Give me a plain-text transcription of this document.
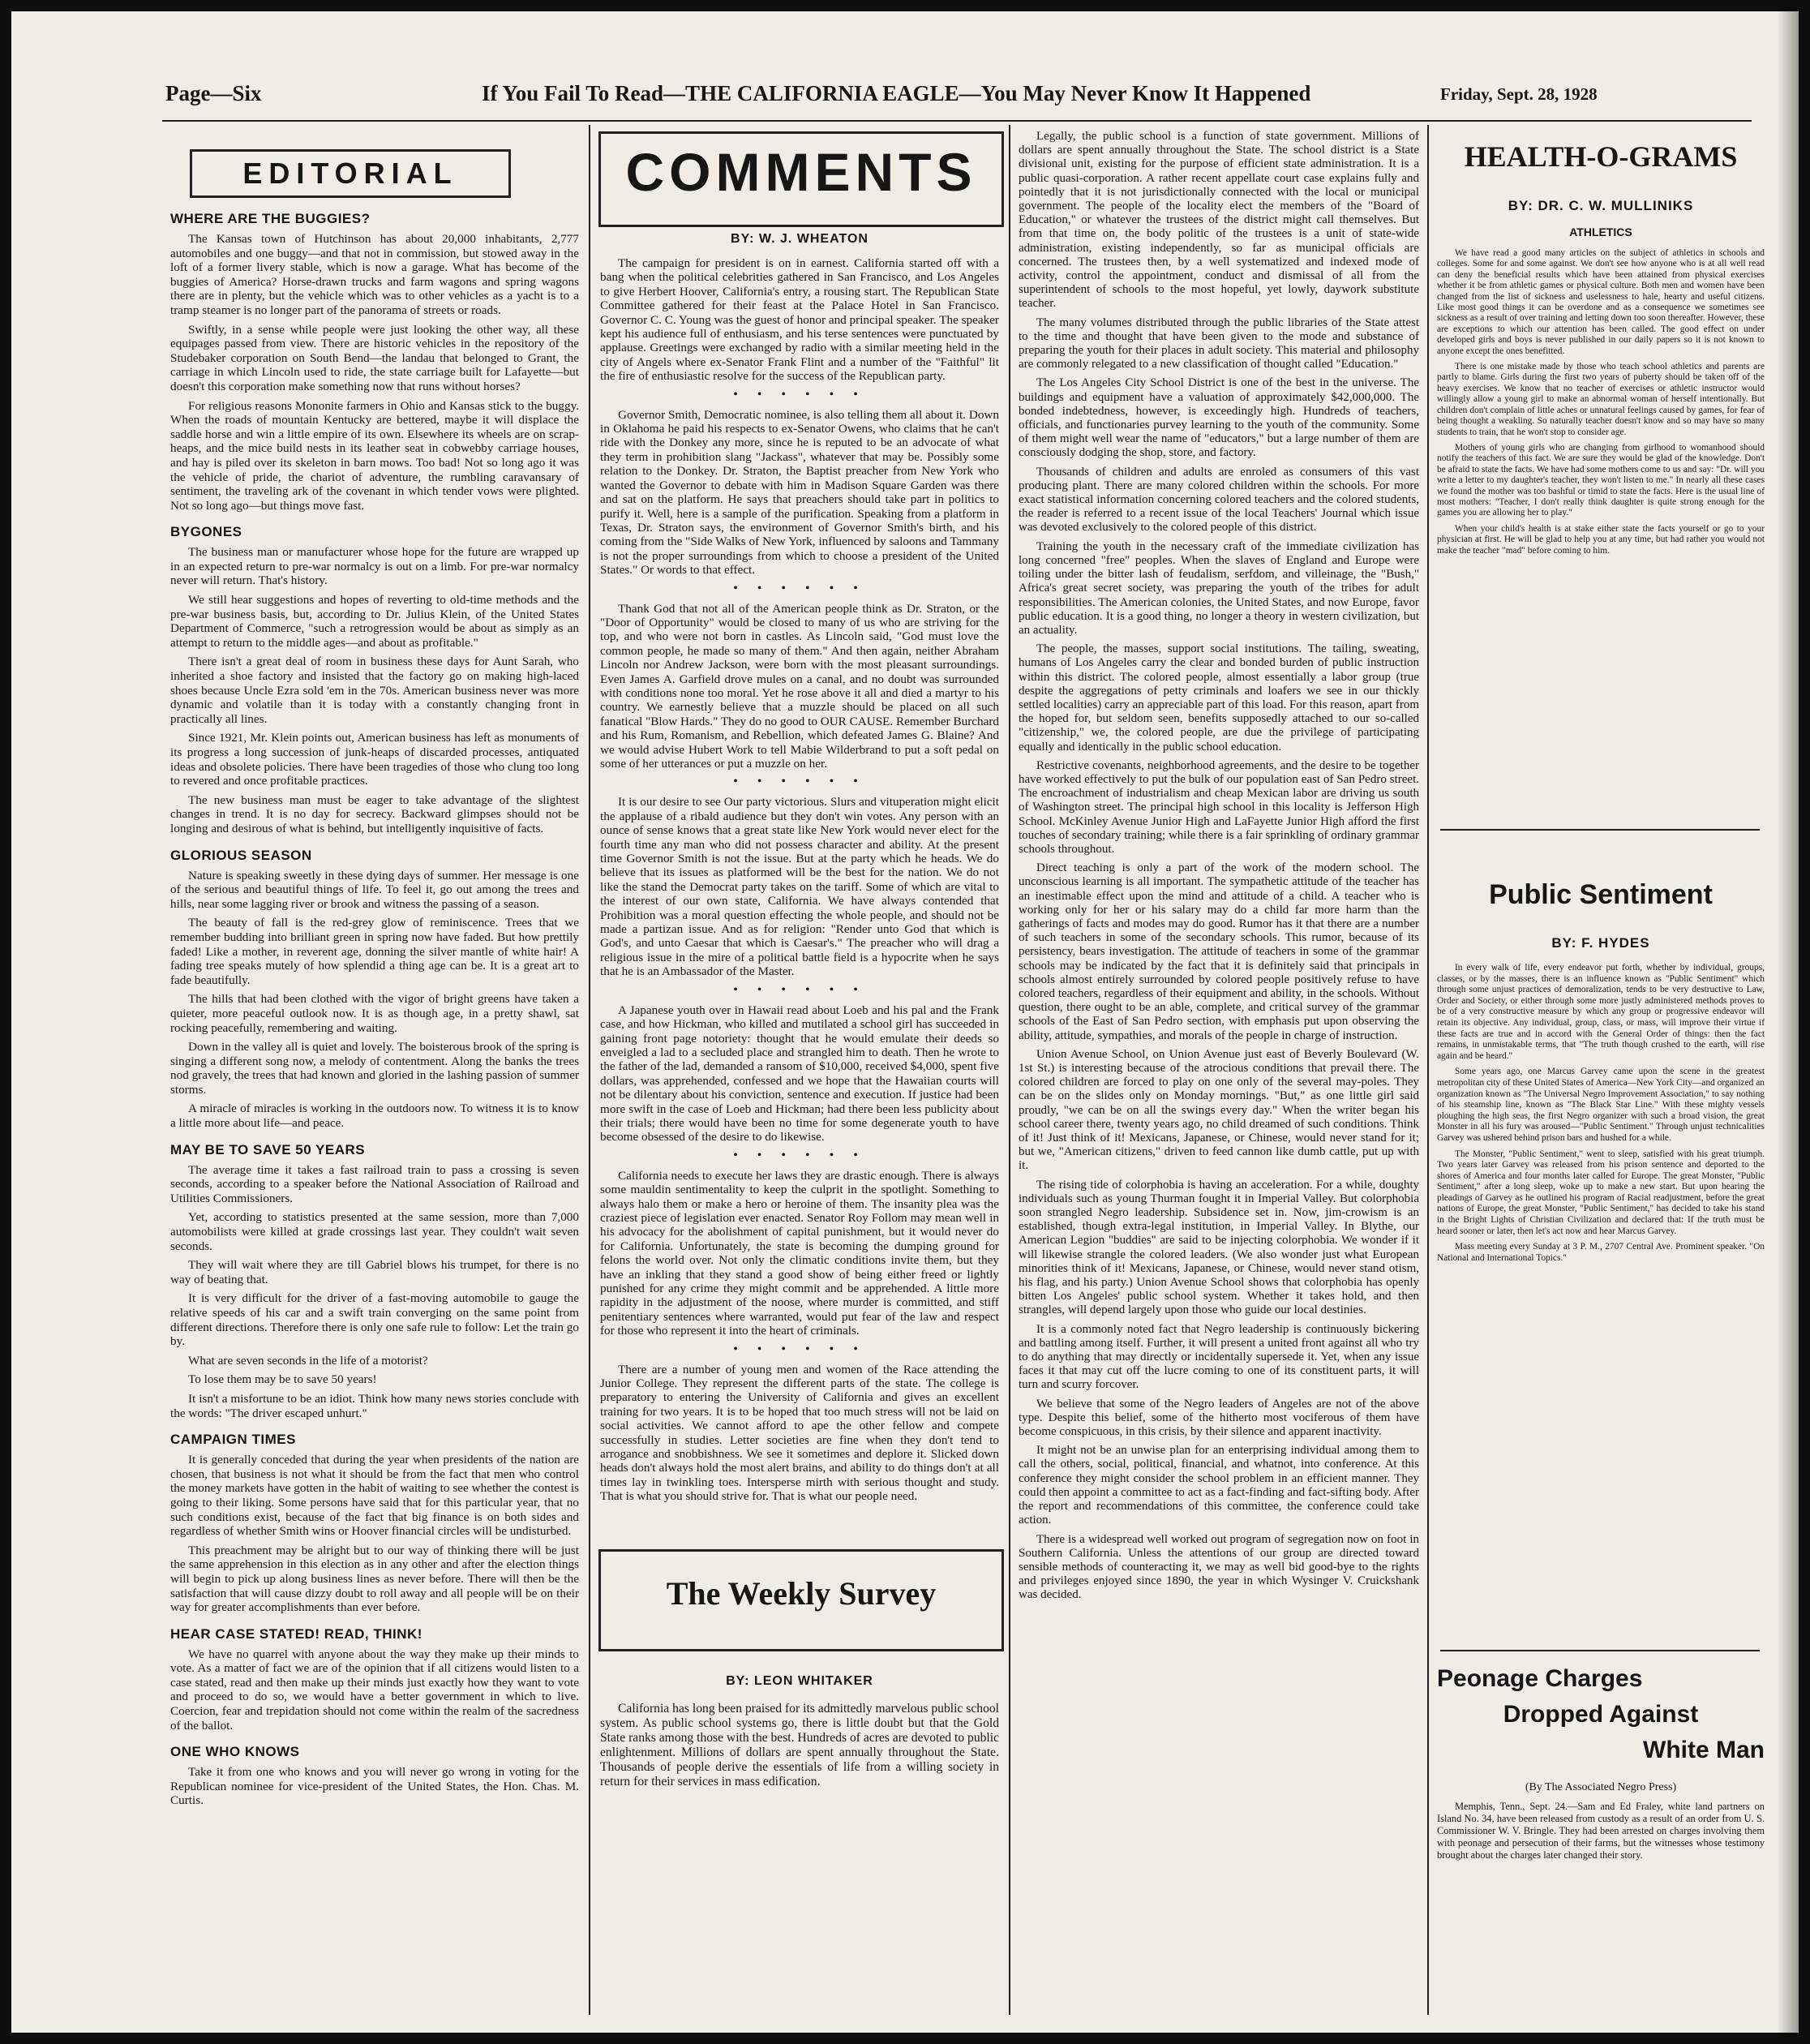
Page—Six	If You Fail To Read—THE CALIFORNIA EAGLE—You May Never Know It Happened	Friday, Sept. 28, 1928
EDITORIAL
WHERE ARE THE BUGGIES?

The Kansas town of Hutchinson has about 20,000 inhabitants, 2,777 automobiles and one buggy—and that not in commission, but stowed away in the loft of a former livery stable, which is now a garage. What has become of the buggies of America? Horse-drawn trucks and farm wagons and spring wagons there are in plenty, but the vehicle which was to other vehicles as a yacht is to a tramp steamer is no longer part of the panorama of streets or roads.

Swiftly, in a sense while people were just looking the other way, all these equipages passed from view. There are historic vehicles in the repository of the Studebaker corporation on South Bend—the landau that belonged to Grant, the carriage in which Lincoln used to ride, the state carriage built for Lafayette—but doesn't this corporation make something now that runs without horses?

For religious reasons Mononite farmers in Ohio and Kansas stick to the buggy. When the roads of mountain Kentucky are bettered, maybe it will displace the saddle horse and win a little empire of its own. Elsewhere its wheels are on scrap-heaps, and the mice build nests in its leather seat in cobwebby carriage houses, and hay is piled over its skeleton in barn mows. Too bad! Not so long ago it was the vehicle of pride, the chariot of adventure, the rumbling caravansary of sentiment, the traveling ark of the covenant in which tender vows were plighted. Not so long ago—but things move fast.

BYGONES

The business man or manufacturer whose hope for the future are wrapped up in an expected return to pre-war normalcy is out on a limb. For pre-war normalcy never will return. That's history.

We still hear suggestions and hopes of reverting to old-time methods and the pre-war business basis, but, according to Dr. Julius Klein, of the United States Department of Commerce, "such a retrogression would be about as simply as an attempt to return to the middle ages—and about as profitable."

There isn't a great deal of room in business these days for Aunt Sarah, who inherited a shoe factory and insisted that the factory go on making high-laced shoes because Uncle Ezra sold 'em in the 70s. American business never was more dynamic and volatile than it is today with a constantly changing front in practically all lines.

Since 1921, Mr. Klein points out, American business has left as monuments of its progress a long succession of junk-heaps of discarded processes, antiquated ideas and obsolete policies. There have been tragedies of those who clung too long to revered and once profitable practices.

The new business man must be eager to take advantage of the slightest changes in trend. It is no day for secrecy. Backward glimpses should not be longing and desirous of what is behind, but intelligently inquisitive of facts.

GLORIOUS SEASON

Nature is speaking sweetly in these dying days of summer. Her message is one of the serious and beautiful things of life. To feel it, go out among the trees and hills, near some lagging river or brook and witness the passing of a season.

The beauty of fall is the red-grey glow of reminiscence. Trees that we remember budding into brilliant green in spring now have faded. But how prettily faded! Like a mother, in reverent age, donning the silver mantle of white hair! A fading tree speaks mutely of how splendid a thing age can be. It is a great art to fade beautifully.

The hills that had been clothed with the vigor of bright greens have taken a quieter, more peaceful outlook now. It is as though age, in a pretty shawl, sat rocking peacefully, remembering and waiting.

Down in the valley all is quiet and lovely. The boisterous brook of the spring is singing a different song now, a melody of contentment. Along the banks the trees nod gravely, the trees that had known and gloried in the lashing passion of summer storms.

A miracle of miracles is working in the outdoors now. To witness it is to know a little more about life—and peace.

MAY BE TO SAVE 50 YEARS

The average time it takes a fast railroad train to pass a crossing is seven seconds, according to a speaker before the National Association of Railroad and Utilities Commissioners.

Yet, according to statistics presented at the same session, more than 7,000 automobilists were killed at grade crossings last year. They couldn't wait seven seconds.

They will wait where they are till Gabriel blows his trumpet, for there is no way of beating that.

It is very difficult for the driver of a fast-moving automobile to gauge the relative speeds of his car and a swift train converging on the same point from different directions. Therefore there is only one safe rule to follow: Let the train go by.

What are seven seconds in the life of a motorist?

To lose them may be to save 50 years!

It isn't a misfortune to be an idiot. Think how many news stories conclude with the words: "The driver escaped unhurt."

CAMPAIGN TIMES

It is generally conceded that during the year when presidents of the nation are chosen, that business is not what it should be from the fact that men who control the money markets have gotten in the habit of waiting to see whether the contest is going to their liking. Some persons have said that for this particular year, that no such conditions exist, because of the fact that big finance is on both sides and regardless of whether Smith wins or Hoover financial circles will be undisturbed.

This preachment may be alright but to our way of thinking there will be just the same apprehension in this election as in any other and after the election things will begin to pick up along business lines as never before. There will then be the satisfaction that will cause dizzy doubt to roll away and all people will be on their way for greater accomplishments than ever before.

HEAR CASE STATED! READ, THINK!

We have no quarrel with anyone about the way they make up their minds to vote. As a matter of fact we are of the opinion that if all citizens would listen to a case stated, read and then make up their minds just exactly how they want to vote and proceed to do so, we would have a better government in which to live. Coercion, fear and trepidation should not come within the realm of the sacredness of the ballot.

ONE WHO KNOWS

Take it from one who knows and you will never go wrong in voting for the Republican nominee for vice-president of the United States, the Hon. Chas. M. Curtis.

COMMENTS
BY: W. J. WHEATON

The campaign for president is on in earnest. California started off with a bang when the political celebrities gathered in San Francisco, and Los Angeles to give Herbert Hoover, California's entry, a rousing start. The Republican State Committee gathered for their feast at the Palace Hotel in San Francisco. Governor C. C. Young was the guest of honor and principal speaker. The speaker kept his audience full of enthusiasm, and his terse sentences were punctuated by applause. Greetings were exchanged by radio with a similar meeting held in the city of Angels where ex-Senator Frank Flint and a number of the "Faithful" lit the fire of enthusiastic resolve for the success of the Republican party.

• • • • • •

Governor Smith, Democratic nominee, is also telling them all about it. Down in Oklahoma he paid his respects to ex-Senator Owens, who claims that he can't ride with the Donkey any more, since he is reputed to be an advocate of what they term in prohibition slang "Jackass", whatever that may be. Possibly some relation to the Donkey. Dr. Straton, the Baptist preacher from New York who wanted the Governor to debate with him in Madison Square Garden was there and sat on the platform. He says that preachers should take part in politics to purify it. Well, here is a sample of the purification. Speaking from a platform in Texas, Dr. Straton says, the environment of Governor Smith's birth, and his coming from the "Side Walks of New York, influenced by saloons and Tammany is not the proper surroundings from which to choose a president of the United States." Or words to that effect.

• • • • • •

Thank God that not all of the American people think as Dr. Straton, or the "Door of Opportunity" would be closed to many of us who are striving for the top, and who were not born in castles. As Lincoln said, "God must love the common people, he made so many of them." And then again, neither Abraham Lincoln nor Andrew Jackson, were born with the most pleasant surroundings. Even James A. Garfield drove mules on a canal, and no doubt was surrounded with conditions none too moral. Yet he rose above it all and died a martyr to his country. We earnestly believe that a muzzle should be placed on all such fanatical "Blow Hards." They do no good to OUR CAUSE. Remember Burchard and his Rum, Romanism, and Rebellion, which defeated James G. Blaine? And we would advise Hubert Work to tell Mabie Wilderbrand to put a soft pedal on some of her utterances or put a muzzle on her.

• • • • • •

It is our desire to see Our party victorious. Slurs and vituperation might elicit the applause of a ribald audience but they don't win votes. Any person with an ounce of sense knows that a great state like New York would never elect for the fourth time any man who did not possess character and ability. At the present time Governor Smith is not the issue. But at the party which he heads. We do believe that its issues as platformed will be the best for the nation. We do not like the stand the Democrat party takes on the tariff. Some of which are vital to the interest of our own state, California. We have always contended that Prohibition was a moral question effecting the whole people, and should not be made a partizan issue. And as for religion: "Render unto God that which is God's, and unto Caesar that which is Caesar's." The preacher who will drag a religious issue in the mire of a political battle field is a hypocrite when he says that he is an Ambassador of the Master.

• • • • • •

A Japanese youth over in Hawaii read about Loeb and his pal and the Frank case, and how Hickman, who killed and mutilated a school girl has succeeded in gaining front page notoriety: thought that he would emulate their deeds so enveigled a lad to a secluded place and strangled him to death. Then he wrote to the father of the lad, demanded a ransom of $10,000, received $4,000, spent five dollars, was apprehended, confessed and we hope that the Hawaiian courts will not be dilentary about his conviction, sentence and execution. If justice had been more swift in the case of Loeb and Hickman; had there been less publicity about their trials; there would have been no time for some degenerate youth to have become obsessed of the desire to do likewise.

• • • • • •

California needs to execute her laws they are drastic enough. There is always some mauldin sentimentality to keep the culprit in the spotlight. Something to always halo them or make a hero or heroine of them. The insanity plea was the craziest piece of legislation ever enacted. Senator Roy Follom may mean well in his advocacy for the abolishment of capital punishment, but it would never do for California. Unfortunately, the state is becoming the dumping ground for felons the world over. Not only the climatic conditions invite them, but they have an inkling that they stand a good show of being either freed or lightly punished for any crime they might commit and be apprehended. A little more rapidity in the adjustment of the noose, where murder is committed, and stiff penitentiary sentences where warranted, would put fear of the law and respect for those who represent it into the heart of criminals.

• • • • • •

There are a number of young men and women of the Race attending the Junior College. They represent the different parts of the state. The college is preparatory to entering the University of California and gives an excellent training for two years. It is to be hoped that too much stress will not be laid on social activities. We cannot afford to ape the other fellow and compete successfully in studies. Letter societies are fine when they don't tend to arrogance and snobbishness. We see it sometimes and deplore it. Slicked down heads don't always hold the most alert brains, and ability to do things don't at all times lay in twinkling toes. Intersperse mirth with serious thought and study. That is what you should strive for. That is what our people need.

The Weekly Survey
BY: LEON WHITAKER

California has long been praised for its admittedly marvelous public school system. As public school systems go, there is little doubt but that the Gold State ranks among those with the best. Hundreds of acres are devoted to public enlightenment. Millions of dollars are spent annually throughout the State. Thousands of people derive the essentials of life from a willing society in return for their services in mass edification.

Legally, the public school is a function of state government. Millions of dollars are spent annually throughout the State. The school district is a State divisional unit, existing for the purpose of efficient state administration. It is a public quasi-corporation. A rather recent appellate court case explains fully and pointedly that it is not jurisdictionally connected with the local or municipal government. The people of the locality elect the members of the "Board of Education," or whatever the trustees of the district might call themselves. But from that time on, the body politic of the trustees is a unit of state-wide administration, existing independently, so far as municipal officials are concerned. The trustees then, by a well systematized and indexed mode of activity, control the appointment, conduct and dismissal of all from the superintendent of schools to the most hopeful, yet lowly, daywork substitute teacher.

The many volumes distributed through the public libraries of the State attest to the time and thought that have been given to the mode and substance of preparing the youth for their places in adult society. This material and philosophy are commonly relegated to a new classification of thought called "Education."

The Los Angeles City School District is one of the best in the universe. The buildings and equipment have a valuation of approximately $42,000,000. The bonded indebtedness, however, is exceedingly high. Hundreds of teachers, officials, and functionaries purvey learning to the youth of the community. Some of them might well wear the name of "educators," but a large number of them are consciously dodging the shop, store, and factory.

Thousands of children and adults are enroled as consumers of this vast producing plant. There are many colored children within the schools. For more exact statistical information concerning colored teachers and the colored students, the reader is referred to a recent issue of the local Teachers' Journal which issue was devoted exclusively to the colored people of this district.

Training the youth in the necessary craft of the immediate civilization has long concerned "free" peoples. When the slaves of England and Europe were toiling under the bitter lash of feudalism, serfdom, and villeinage, the "Bush," Africa's great secret society, was preparing the youth of the tribes for adult responsibilities. The American colonies, the United States, and now Europe, favor public education. It is a good thing, no longer a theory in western civilization, but an actuality.

The people, the masses, support social institutions. The tailing, sweating, humans of Los Angeles carry the clear and bonded burden of public instruction within this district. The colored people, almost essentially a labor group (true despite the aggregations of petty criminals and loafers we see in our thickly settled localities) carry an appreciable part of this load. For this reason, apart from the hoped for, but seldom seen, benefits supposedly attached to our so-called "citizenship," we, the colored people, are due the privilege of participating equally and identically in the public school education.

Restrictive covenants, neighborhood agreements, and the desire to be together have worked effectively to put the bulk of our population east of San Pedro street. The encroachment of industrialism and cheap Mexican labor are driving us south of Washington street. The principal high school in this locality is Jefferson High School. McKinley Avenue Junior High and LaFayette Junior High afford the first touches of secondary training; while there is a fair sprinkling of ordinary grammar schools throughout.

Direct teaching is only a part of the work of the modern school. The unconscious learning is all important. The sympathetic attitude of the teacher has an inestimable effect upon the mind and attitude of a child. A teacher who is working only for her or his salary may do a child far more harm than the gatherings of facts and modes may do good. Rumor has it that there are a number of such teachers in some of the secondary schools. This rumor, because of its persistency, bears investigation. The attitude of teachers in some of the grammar schools may be indicated by the fact that it is definitely said that principals in schools almost entirely surrounded by colored people positively refuse to have colored teachers, regardless of their equipment and ability, in the schools. Without question, there ought to be an able, complete, and critical survey of the grammar schools of the East of San Pedro section, with emphasis put upon observing the ability, attitude, sympathies, and morals of the people in charge of instruction.

Union Avenue School, on Union Avenue just east of Beverly Boulevard (W. 1st St.) is interesting because of the atrocious conditions that prevail there. The colored children are forced to play on one only of the several may-poles. They can be on the slides only on Monday mornings. "But," as one little girl said proudly, "we can be on all the swings every day." When the writer began his school career there, twenty years ago, no child dreamed of such conditions. Think of it! Just think of it! Mexicans, Japanese, or Chinese, would never stand for it; but we, "American citizens," driven to feed cannon like dumb cattle, put up with it.

The rising tide of colorphobia is having an acceleration. For a while, doughty individuals such as young Thurman fought it in Imperial Valley. But colorphobia soon strangled Negro leadership. Subsidence set in. Now, jim-crowism is an established, though extra-legal institution, in Imperial Valley. In Blythe, our American Legion "buddies" are said to be injecting colorphobia. We wonder if it will likewise strangle the colored leaders. (We also wonder just what European minorities think of it! Mexicans, Japanese, or Chinese, would never stand otism, his flag, and his party.) Union Avenue School shows that colorphobia has openly bitten Los Angeles' public school system. Whether it takes hold, and then strangles, will depend largely upon those who guide our local destinies.

It is a commonly noted fact that Negro leadership is continuously bickering and battling among itself. Further, it will present a united front against all who try to do anything that may directly or incidentally supersede it. Yet, when any issue faces it that may cut off the lucre coming to one of its constituent parts, it will turn and scurry forcover.

We believe that some of the Negro leaders of Angeles are not of the above type. Despite this belief, some of the hitherto most vociferous of them have become conspicuous, in this crisis, by their silence and apparent inactivity.

It might not be an unwise plan for an enterprising individual among them to call the others, social, political, financial, and whatnot, into conference. At this conference they might consider the school problem in an efficient manner. They could then appoint a committee to act as a fact-finding and fact-sifting body. After the report and recommendations of this committee, the conference could take action.

There is a widespread well worked out program of segregation now on foot in Southern California. Unless the attentions of our group are directed toward sensible methods of counteracting it, we may as well bid good-bye to the rights and privileges enjoyed since 1890, the year in which Wysinger V. Cruickshank was decided.

HEALTH-O-GRAMS
BY: DR. C. W. MULLINIKS
ATHLETICS

We have read a good many articles on the subject of athletics in schools and colleges. Some for and some against. We don't see how anyone who is at all well read can deny the beneficial results which have been attained from physical exercises whether it be from athletic games or physical culture. Both men and women have been changed from the list of sickness and uselessness to hale, hearty and useful citizens. Like most good things it can be overdone and as a consequence we sometimes see sickness as a result of over training and letting down too soon thereafter. However, these are exceptions to which our attention has been called. The good effect on under developed girls and boys is never published in our daily papers so it is not known to anyone except the ones benefitted.

There is one mistake made by those who teach school athletics and parents are partly to blame. Girls during the first two years of puberty should be taken off of the heavy exercises. We know that no teacher of exercises or athletic instructor would willingly allow a young girl to make an abnormal woman of herself intentionally. But children don't complain of little aches or unnatural feelings caused by games, for fear of being thought a weakling. So naturally teacher doesn't know and so may have so many students to train, that he won't stop to consider age.

Mothers of young girls who are changing from girlhood to womanhood should notify the teachers of this fact. We are sure they would be glad of the knowledge. Don't be afraid to state the facts. We have had some mothers come to us and say: "Dr. will you write a letter to my daughter's teacher, they won't listen to me." In nearly all these cases we found the mother was too bashful or timid to state the facts. Here is the usual line of most mothers: "Teacher, I don't really think daughter is quite strong enough for the games you are allowing her to play."

When your child's health is at stake either state the facts yourself or go to your physician at first. He will be glad to help you at any time, but had rather you would not make the teacher "mad" before coming to him.

Public Sentiment
BY: F. HYDES

In every walk of life, every endeavor put forth, whether by individual, groups, classes, or by the masses, there is an influence known as "Public Sentiment" which through some unjust practices of demoralization, tends to be very destructive to Law, Order and Society, or either through some more justly administered methods proves to be of a very constructive measure by which any group or progressive endeavor will retain its objective. Any individual, group, class, or mass, will improve their virtue if these facts are true and in accord with the General Order of things: then the fact remains, in unmistakable terms, that "The truth though crushed to the earth, will rise again and be heard."

Some years ago, one Marcus Garvey came upon the scene in the greatest metropolitan city of these United States of America—New York City—and organized an organization known as "The Universal Negro Improvement Association," to say nothing of his steamship line, known as "The Black Star Line." With these mighty vessels ploughing the high seas, the first Negro organizer with such a broad vision, the great Monster in all his fury was aroused—"Public Sentiment." Through unjust technicalities Garvey was ushered behind prison bars and hushed for a while.

The Monster, "Public Sentiment," went to sleep, satisfied with his great triumph. Two years later Garvey was released from his prison sentence and deported to the shores of America and four months later called for Europe. The great Monster, "Public Sentiment," after a long sleep, woke up to make a new start. But upon hearing the pleadings of Garvey as he outlined his program of Racial readjustment, before the great nations of Europe, the great Monster, "Public Sentiment," has decided to take his stand in the Bright Lights of Christian Civilization and declared that: If the truth must be heard sooner or later, then let's act now and hear Marcus Garvey.

Mass meeting every Sunday at 3 P. M., 2707 Central Ave. Prominent speaker. "On National and International Topics."

Peonage Charges
Dropped Against
White Man
(By The Associated Negro Press)

Memphis, Tenn., Sept. 24.—Sam and Ed Fraley, white land partners on Island No. 34, have been released from custody as a result of an order from U. S. Commissioner W. V. Bringle. They had been arrested on charges involving them with peonage and persecution of their farms, but the witnesses whose testimony brought about the charges later changed their story.
